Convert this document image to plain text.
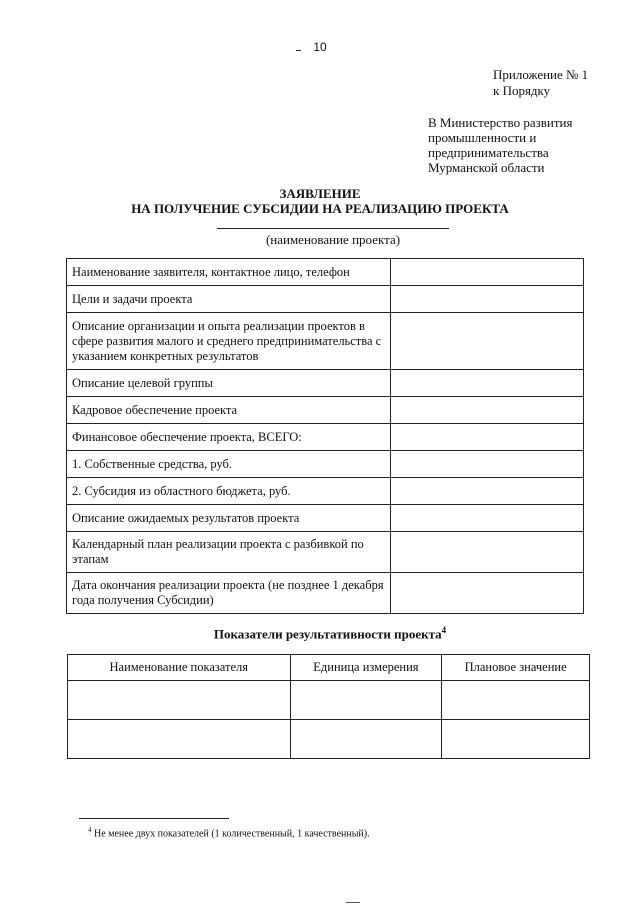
10
Приложение № 1
к Порядку
В Министерство развития
промышленности и
предпринимательства
Мурманской области
ЗАЯВЛЕНИЕ
НА ПОЛУЧЕНИЕ СУБСИДИИ НА РЕАЛИЗАЦИЮ ПРОЕКТА
(наименование проекта)
Наименование заявителя, контактное лицо, телефон	
Цели и задачи проекта	
Описание организации и опыта реализации проектов в сфере развития малого и среднего предпринимательства с указанием конкретных результатов	
Описание целевой группы	
Кадровое обеспечение проекта	
Финансовое обеспечение проекта, ВСЕГО:	
1. Собственные средства, руб.	
2. Субсидия из областного бюджета, руб.	
Описание ожидаемых результатов проекта	
Календарный план реализации проекта с разбивкой по этапам	
Дата окончания реализации проекта (не позднее 1 декабря года получения Субсидии)	
Показатели результативности проекта$^4$
Наименование показателя	Единица измерения	Плановое значение

$^4$ Не менее двух показателей (1 количественный, 1 качественный).
